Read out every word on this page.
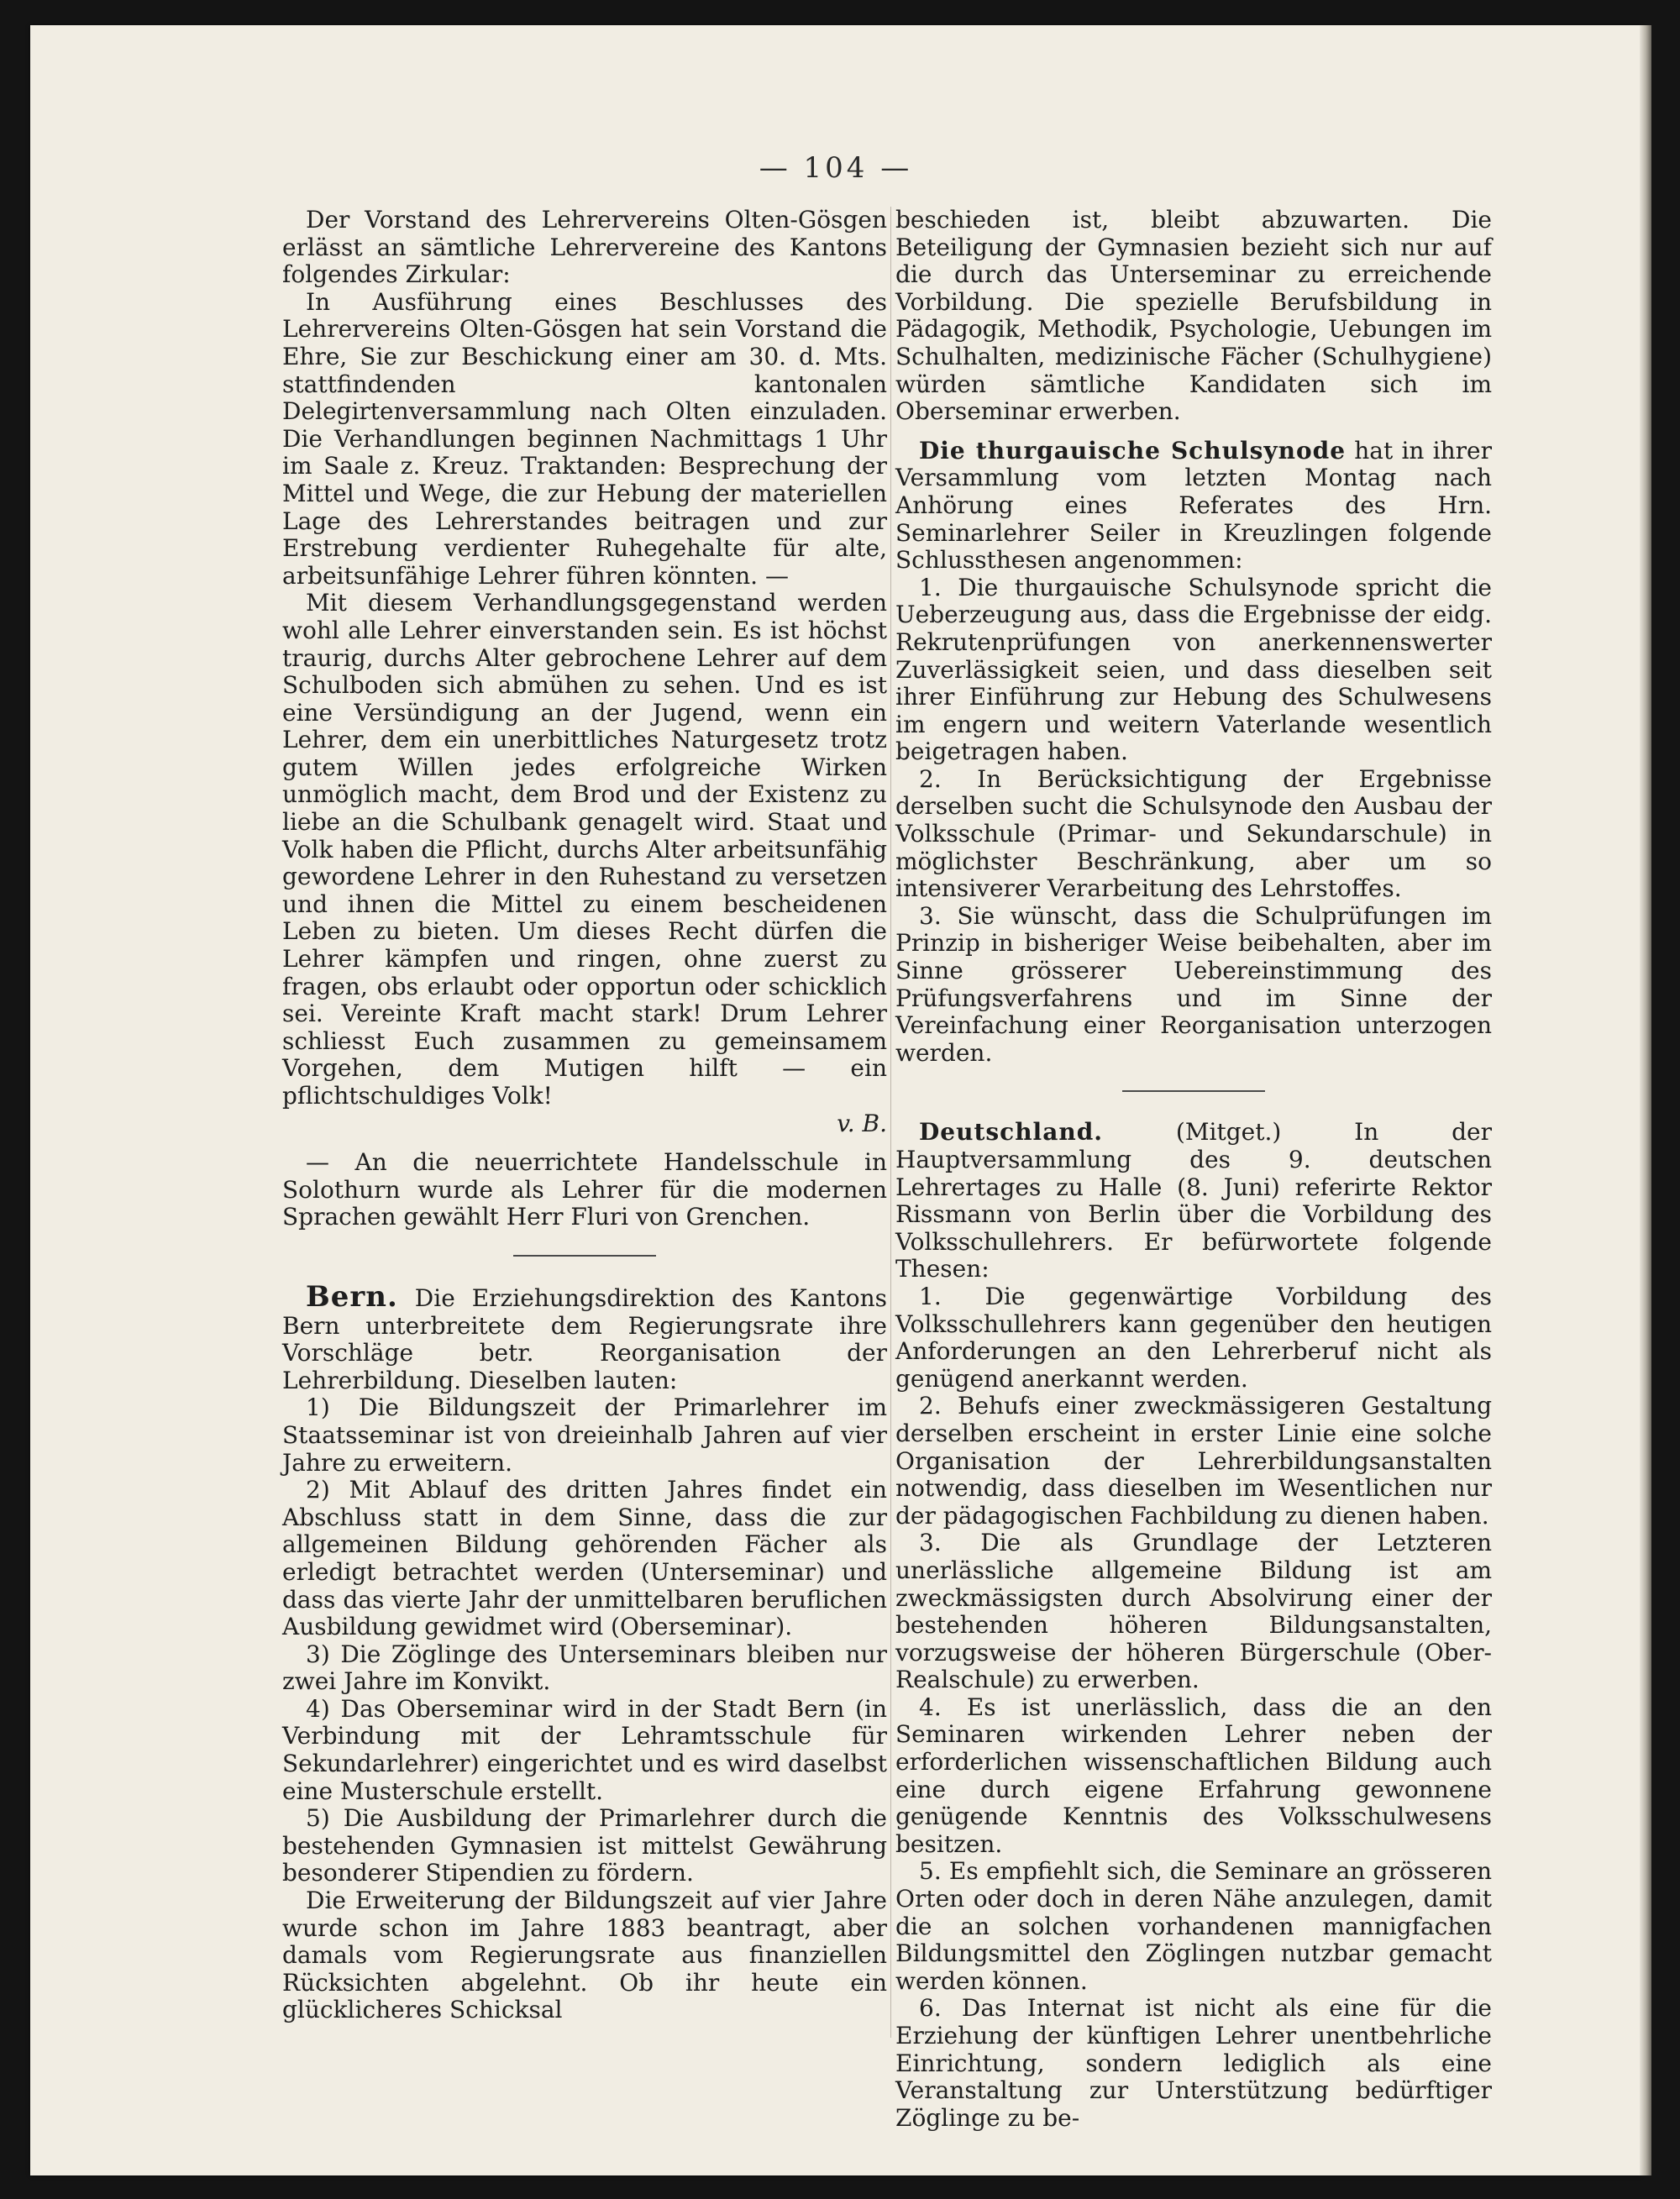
— 104 —

Der Vorstand des Lehrervereins Olten-Gösgen erlässt an sämtliche Lehrervereine des Kantons folgendes Zirkular:

In Ausführung eines Beschlusses des Lehrervereins Olten-Gösgen hat sein Vorstand die Ehre, Sie zur Beschickung einer am 30. d. Mts. stattfindenden kantonalen Delegirtenversammlung nach Olten einzuladen. Die Verhandlungen beginnen Nachmittags 1 Uhr im Saale z. Kreuz. Traktanden: Besprechung der Mittel und Wege, die zur Hebung der materiellen Lage des Lehrerstandes beitragen und zur Erstrebung verdienter Ruhegehalte für alte, arbeitsunfähige Lehrer führen könnten. —

Mit diesem Verhandlungsgegenstand werden wohl alle Lehrer einverstanden sein. Es ist höchst traurig, durchs Alter gebrochene Lehrer auf dem Schulboden sich abmühen zu sehen. Und es ist eine Versündigung an der Jugend, wenn ein Lehrer, dem ein unerbittliches Naturgesetz trotz gutem Willen jedes erfolgreiche Wirken unmöglich macht, dem Brod und der Existenz zu liebe an die Schulbank genagelt wird. Staat und Volk haben die Pflicht, durchs Alter arbeitsunfähig gewordene Lehrer in den Ruhestand zu versetzen und ihnen die Mittel zu einem bescheidenen Leben zu bieten. Um dieses Recht dürfen die Lehrer kämpfen und ringen, ohne zuerst zu fragen, obs erlaubt oder opportun oder schicklich sei. Vereinte Kraft macht stark! Drum Lehrer schliesst Euch zusammen zu gemeinsamem Vorgehen, dem Mutigen hilft — ein pflichtschuldiges Volk!

v. B.

— An die neuerrichtete Handelsschule in Solothurn wurde als Lehrer für die modernen Sprachen gewählt Herr Fluri von Grenchen.

Bern. Die Erziehungsdirektion des Kantons Bern unterbreitete dem Regierungsrate ihre Vorschläge betr. Reorganisation der Lehrerbildung. Dieselben lauten:

1) Die Bildungszeit der Primarlehrer im Staatsseminar ist von dreieinhalb Jahren auf vier Jahre zu erweitern.

2) Mit Ablauf des dritten Jahres findet ein Abschluss statt in dem Sinne, dass die zur allgemeinen Bildung gehörenden Fächer als erledigt betrachtet werden (Unterseminar) und dass das vierte Jahr der unmittelbaren beruflichen Ausbildung gewidmet wird (Oberseminar).

3) Die Zöglinge des Unterseminars bleiben nur zwei Jahre im Konvikt.

4) Das Oberseminar wird in der Stadt Bern (in Verbindung mit der Lehramtsschule für Sekundarlehrer) eingerichtet und es wird daselbst eine Musterschule erstellt.

5) Die Ausbildung der Primarlehrer durch die bestehenden Gymnasien ist mittelst Gewährung besonderer Stipendien zu fördern.

Die Erweiterung der Bildungszeit auf vier Jahre wurde schon im Jahre 1883 beantragt, aber damals vom Regierungsrate aus finanziellen Rücksichten abgelehnt. Ob ihr heute ein glücklicheres Schicksal

beschieden ist, bleibt abzuwarten. Die Beteiligung der Gymnasien bezieht sich nur auf die durch das Unterseminar zu erreichende Vorbildung. Die spezielle Berufsbildung in Pädagogik, Methodik, Psychologie, Uebungen im Schulhalten, medizinische Fächer (Schulhygiene) würden sämtliche Kandidaten sich im Oberseminar erwerben.

Die thurgauische Schulsynode hat in ihrer Versammlung vom letzten Montag nach Anhörung eines Referates des Hrn. Seminarlehrer Seiler in Kreuzlingen folgende Schlussthesen angenommen:

1. Die thurgauische Schulsynode spricht die Ueberzeugung aus, dass die Ergebnisse der eidg. Rekrutenprüfungen von anerkennenswerter Zuverlässigkeit seien, und dass dieselben seit ihrer Einführung zur Hebung des Schulwesens im engern und weitern Vaterlande wesentlich beigetragen haben.

2. In Berücksichtigung der Ergebnisse derselben sucht die Schulsynode den Ausbau der Volksschule (Primar- und Sekundarschule) in möglichster Beschränkung, aber um so intensiverer Verarbeitung des Lehrstoffes.

3. Sie wünscht, dass die Schulprüfungen im Prinzip in bisheriger Weise beibehalten, aber im Sinne grösserer Uebereinstimmung des Prüfungsverfahrens und im Sinne der Vereinfachung einer Reorganisation unterzogen werden.

Deutschland.	(Mitget.) In der Hauptversammlung des 9. deutschen Lehrertages zu Halle (8. Juni) referirte Rektor Rissmann von Berlin über die Vorbildung des Volksschullehrers. Er befürwortete folgende Thesen:

1. Die gegenwärtige Vorbildung des Volksschullehrers kann gegenüber den heutigen Anforderungen an den Lehrerberuf nicht als genügend anerkannt werden.

2. Behufs einer zweckmässigeren Gestaltung derselben erscheint in erster Linie eine solche Organisation der Lehrerbildungsanstalten notwendig, dass dieselben im Wesentlichen nur der pädagogischen Fachbildung zu dienen haben.

3. Die als Grundlage der Letzteren unerlässliche allgemeine Bildung ist am zweckmässigsten durch Absolvirung einer der bestehenden höheren Bildungsanstalten, vorzugsweise der höheren Bürgerschule (Ober-Realschule) zu erwerben.

4. Es ist unerlässlich, dass die an den Seminaren wirkenden Lehrer neben der erforderlichen wissenschaftlichen Bildung auch eine durch eigene Erfahrung gewonnene genügende Kenntnis des Volksschulwesens besitzen.

5. Es empfiehlt sich, die Seminare an grösseren Orten oder doch in deren Nähe anzulegen, damit die an solchen vorhandenen mannigfachen Bildungsmittel den Zöglingen nutzbar gemacht werden können.

6. Das Internat ist nicht als eine für die Erziehung der künftigen Lehrer unentbehrliche Einrichtung, sondern lediglich als eine Veranstaltung zur Unterstützung bedürftiger Zöglinge zu be-
